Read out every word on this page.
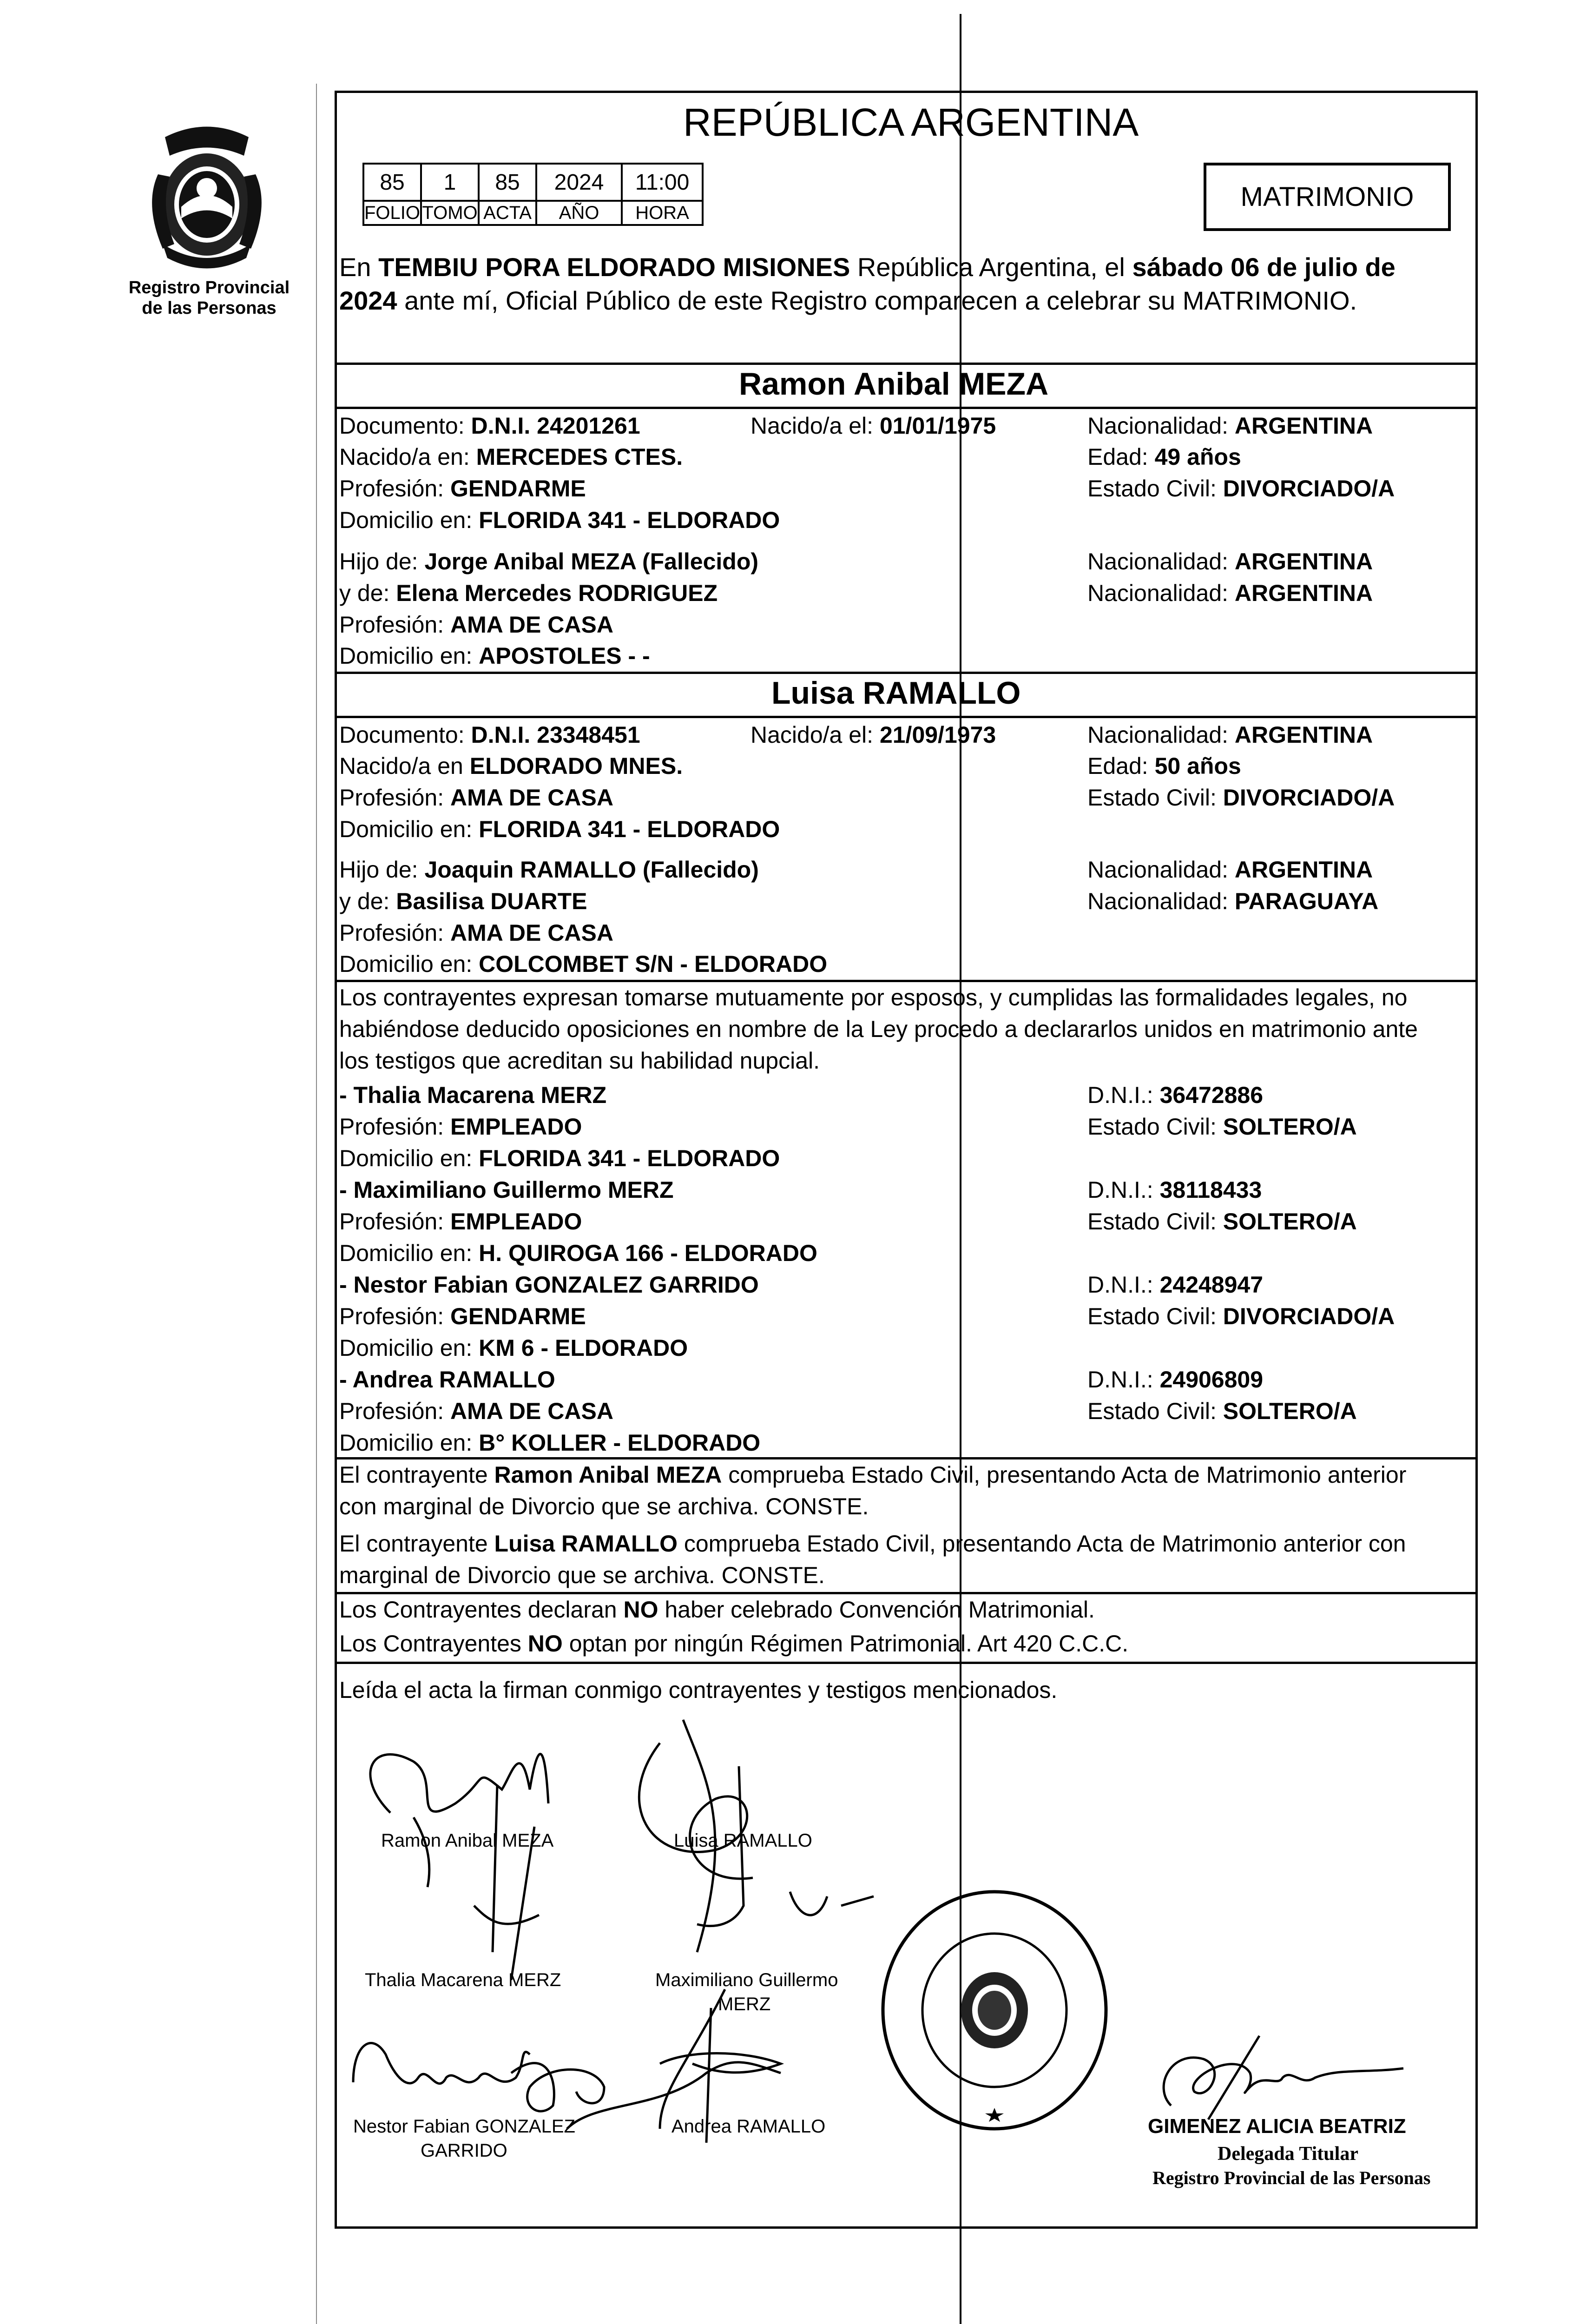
Registro Provincial
de las Personas
REPÚBLICA ARGENTINA
MATRIMONIO
85	1	85	2024	11:00
FOLIO	TOMO	ACTA	AÑO	HORA
En TEMBIU PORA ELDORADO MISIONES República Argentina, el sábado 06 de julio de
2024 ante mí, Oficial Público de este Registro comparecen a celebrar su MATRIMONIO.
Ramon Anibal MEZA
Documento: D.N.I. 24201261	Nacido/a el: 01/01/1975	Nacionalidad: ARGENTINA
Nacido/a en: MERCEDES CTES.	Edad: 49 años
Profesión: GENDARME	Estado Civil: DIVORCIADO/A
Domicilio en: FLORIDA 341 - ELDORADO
Hijo de: Jorge Anibal MEZA (Fallecido)	Nacionalidad: ARGENTINA
y de: Elena Mercedes RODRIGUEZ	Nacionalidad: ARGENTINA
Profesión: AMA DE CASA
Domicilio en: APOSTOLES - -
Luisa RAMALLO
Documento: D.N.I. 23348451	Nacido/a el: 21/09/1973	Nacionalidad: ARGENTINA
Nacido/a en ELDORADO MNES.	Edad: 50 años
Profesión: AMA DE CASA	Estado Civil: DIVORCIADO/A
Domicilio en: FLORIDA 341 - ELDORADO
Hijo de: Joaquin RAMALLO (Fallecido)	Nacionalidad: ARGENTINA
y de: Basilisa DUARTE	Nacionalidad: PARAGUAYA
Profesión: AMA DE CASA
Domicilio en: COLCOMBET S/N - ELDORADO
Los contrayentes expresan tomarse mutuamente por esposos, y cumplidas las formalidades legales, no
habiéndose deducido oposiciones en nombre de la Ley procedo a declararlos unidos en matrimonio ante
los testigos que acreditan su habilidad nupcial.
- Thalia Macarena MERZ	D.N.I.: 36472886
Profesión: EMPLEADO	Estado Civil: SOLTERO/A
Domicilio en: FLORIDA 341 - ELDORADO
- Maximiliano Guillermo MERZ	D.N.I.: 38118433
Profesión: EMPLEADO	Estado Civil: SOLTERO/A
Domicilio en: H. QUIROGA 166 - ELDORADO
- Nestor Fabian GONZALEZ GARRIDO	D.N.I.: 24248947
Profesión: GENDARME	Estado Civil: DIVORCIADO/A
Domicilio en: KM 6 - ELDORADO
- Andrea RAMALLO	D.N.I.: 24906809
Profesión: AMA DE CASA	Estado Civil: SOLTERO/A
Domicilio en: B° KOLLER - ELDORADO
El contrayente Ramon Anibal MEZA comprueba Estado Civil, presentando Acta de Matrimonio anterior
con marginal de Divorcio que se archiva. CONSTE.
El contrayente Luisa RAMALLO comprueba Estado Civil, presentando Acta de Matrimonio anterior con
marginal de Divorcio que se archiva. CONSTE.
Los Contrayentes declaran NO haber celebrado Convención Matrimonial.
Los Contrayentes NO optan por ningún Régimen Patrimonial. Art 420 C.C.C.
Leída el acta la firman conmigo contrayentes y testigos mencionados.
Ramon Anibal MEZA	Luisa RAMALLO
Thalia Macarena MERZ	Maximiliano Guillermo
MERZ
Nestor Fabian GONZALEZ
GARRIDO
Andrea RAMALLO	GIMENEZ ALICIA BEATRIZ
Delegada Titular
Registro Provincial de las Personas
